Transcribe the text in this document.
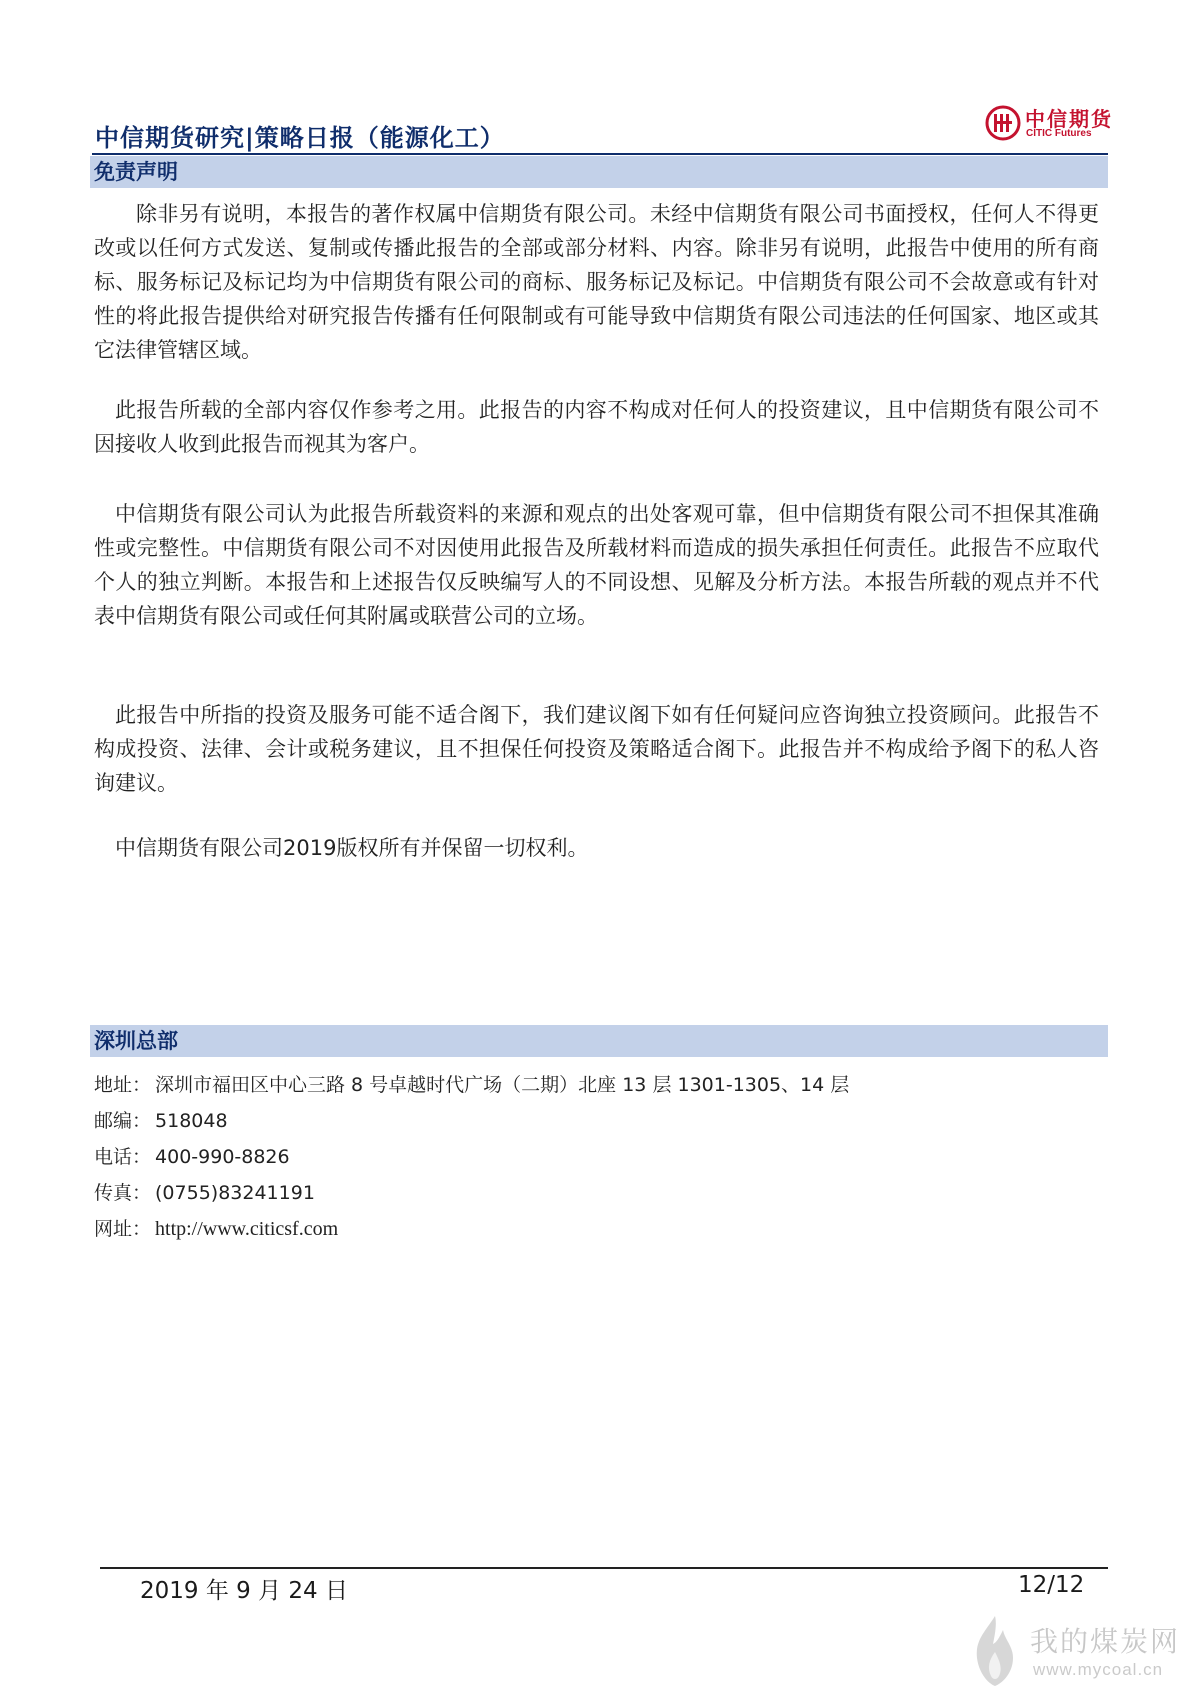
中信期货研究|策略日报（能源化工）
中信期货
CITIC Futures
免责声明

除非另有说明，本报告的著作权属中信期货有限公司。未经中信期货有限公司书面授权，任何人不得更改或以任何方式发送、复制或传播此报告的全部或部分材料、内容。除非另有说明，此报告中使用的所有商标、服务标记及标记均为中信期货有限公司的商标、服务标记及标记。中信期货有限公司不会故意或有针对性的将此报告提供给对研究报告传播有任何限制或有可能导致中信期货有限公司违法的任何国家、地区或其它法律管辖区域。

此报告所载的全部内容仅作参考之用。此报告的内容不构成对任何人的投资建议，且中信期货有限公司不因接收人收到此报告而视其为客户。

中信期货有限公司认为此报告所载资料的来源和观点的出处客观可靠，但中信期货有限公司不担保其准确性或完整性。中信期货有限公司不对因使用此报告及所载材料而造成的损失承担任何责任。此报告不应取代个人的独立判断。本报告和上述报告仅反映编写人的不同设想、见解及分析方法。本报告所载的观点并不代表中信期货有限公司或任何其附属或联营公司的立场。

此报告中所指的投资及服务可能不适合阁下，我们建议阁下如有任何疑问应咨询独立投资顾问。此报告不构成投资、法律、会计或税务建议，且不担保任何投资及策略适合阁下。此报告并不构成给予阁下的私人咨询建议。

中信期货有限公司2019版权所有并保留一切权利。

深圳总部
地址： 深圳市福田区中心三路 8 号卓越时代广场（二期）北座 13 层 1301-1305、14 层
邮编： 518048
电话： 400-990-8826
传真： (0755)83241191
网址： http://www.citicsf.com
2019 年 9 月 24 日	12/12
我的煤炭网
www.mycoal.cn
